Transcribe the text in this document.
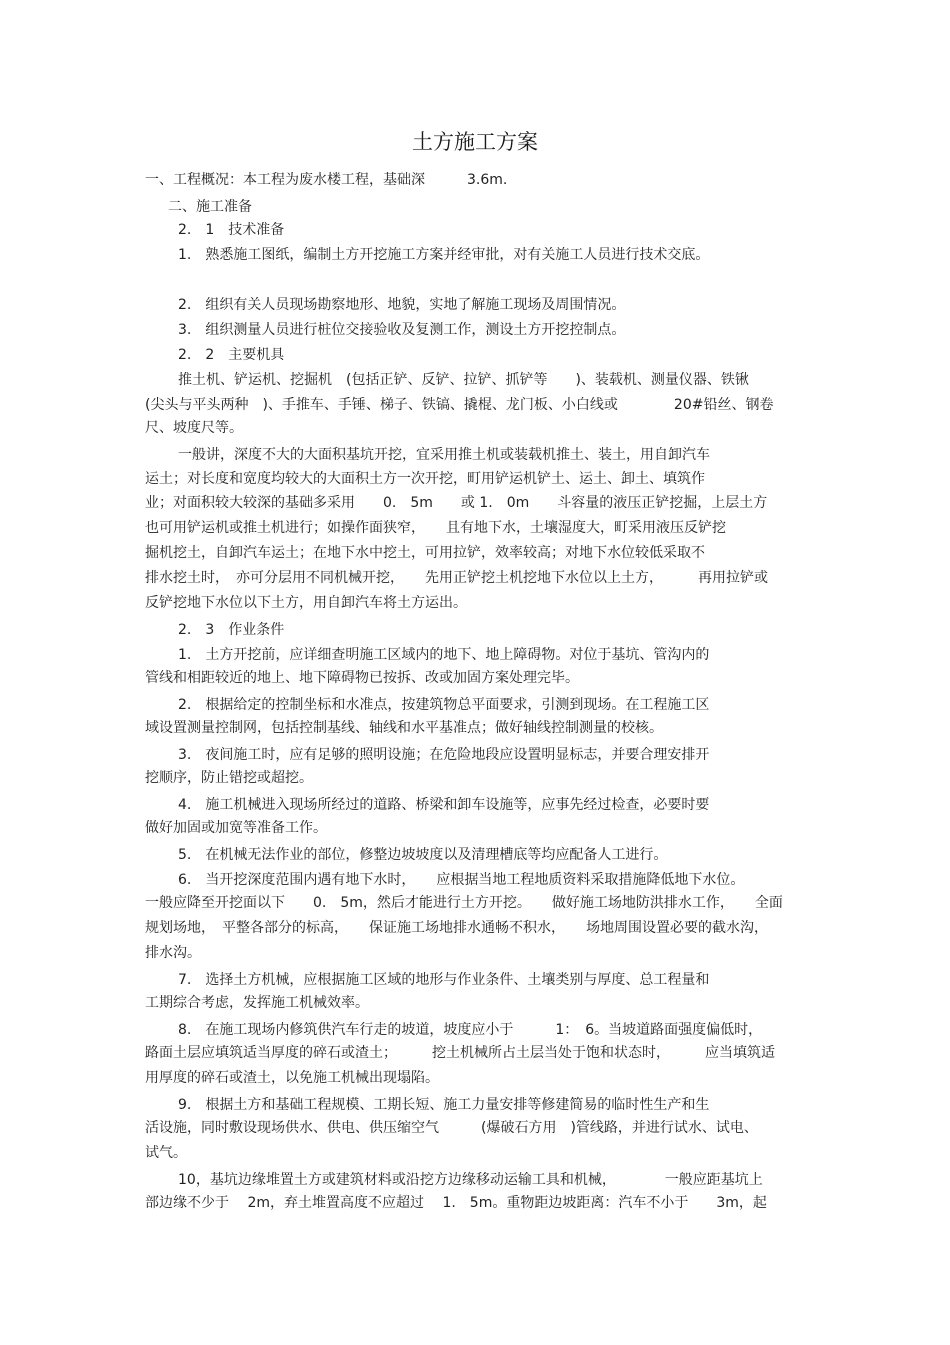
土方施工方案
一、工程概况：本工程为废水楼工程，基础深　　　3.6m.
二、施工准备
2.　1　技术准备
1.　熟悉施工图纸，编制土方开挖施工方案并经审批，对有关施工人员进行技术交底。
2.　组织有关人员现场勘察地形、地貌，实地了解施工现场及周围情况。
3.　组织测量人员进行桩位交接验收及复测工作，测设土方开挖控制点。
2.　2　主要机具
推土机、铲运机、挖掘机　(包括正铲、反铲、拉铲、抓铲等　　)、装载机、测量仪器、铁锹
(尖头与平头两种　)、手推车、手锤、梯子、铁镐、撬棍、龙门板、小白线或　　　　20#铅丝、钢卷
尺、坡度尺等。
一般讲，深度不大的大面积基坑开挖，宜采用推土机或装载机推土、装土，用自卸汽车
运土；对长度和宽度均较大的大面积土方一次开挖，町用铲运机铲土、运土、卸土、填筑作
业；对面积较大较深的基础多采用　　0.　5m　　或 1.　0m　　斗容量的液压正铲挖掘，上层土方
也可用铲运机或推土机进行；如操作面狭窄，　　且有地下水，土壤湿度大，町采用液压反铲挖
掘机挖土，自卸汽车运土；在地下水中挖土，可用拉铲，效率较高；对地下水位较低采取不
排水挖土时，　亦可分层用不同机械开挖，　　先用正铲挖土机挖地下水位以上土方，　　　再用拉铲或
反铲挖地下水位以下土方，用自卸汽车将土方运出。
2.　3　作业条件
1.　土方开挖前，应详细查明施工区域内的地下、地上障碍物。对位于基坑、管沟内的
管线和相距较近的地上、地下障碍物已按拆、改或加固方案处理完毕。
2.　根据给定的控制坐标和水准点，按建筑物总平面要求，引测到现场。在工程施工区
域设置测量控制网，包括控制基线、轴线和水平基准点；做好轴线控制测量的校核。
3.　夜间施工时，应有足够的照明设施；在危险地段应设置明显标志，并要合理安排开
挖顺序，防止错挖或超挖。
4.　施工机械进入现场所经过的道路、桥梁和卸车设施等，应事先经过检查，必要时要
做好加固或加宽等准备工作。
5.　在机械无法作业的部位，修整边坡坡度以及清理槽底等均应配备人工进行。
6.　当开挖深度范围内遇有地下水时，　　应根据当地工程地质资料采取措施降低地下水位。
一般应降至开挖面以下　　0.　5m，然后才能进行土方开挖。　　做好施工场地防洪排水工作，　　全面
规划场地，　平整各部分的标高，　　保证施工场地排水通畅不积水，　　场地周围设置必要的截水沟，
排水沟。
7.　选择土方机械，应根据施工区域的地形与作业条件、土壤类别与厚度、总工程量和
工期综合考虑，发挥施工机械效率。
8.　在施工现场内修筑供汽车行走的坡道，坡度应小于　　　1：　6。当坡道路面强度偏低时，
路面土层应填筑适当厚度的碎石或渣土；　　　挖土机械所占土层当处于饱和状态时，　　　应当填筑适
用厚度的碎石或渣土，以免施工机械出现塌陷。
9.　根据土方和基础工程规模、工期长短、施工力量安排等修建简易的临时性生产和生
活设施，同时敷设现场供水、供电、供压缩空气　　　(爆破石方用　)管线路，并进行试水、试电、
试气。
10，基坑边缘堆置土方或建筑材料或沿挖方边缘移动运输工具和机械，　　　　一般应距基坑上
部边缘不少于　 2m，弃土堆置高度不应超过　 1.　5m。重物距边坡距离：汽车不小于　　3m，起
